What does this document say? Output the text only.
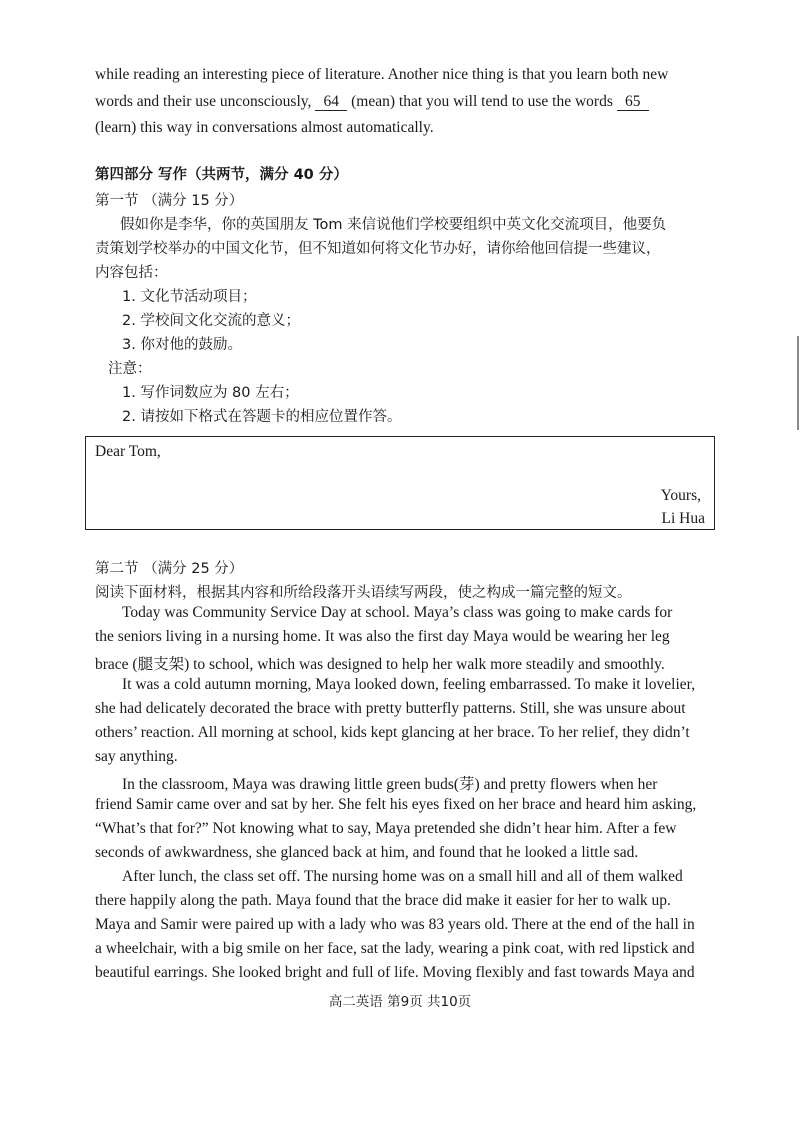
while reading an interesting piece of literature. Another nice thing is that you learn both new
words and their use unconsciously, 64 (mean) that you will tend to use the words 65
(learn) this way in conversations almost automatically.
第四部分 写作（共两节，满分 40 分）
第一节 （满分 15 分）
假如你是李华，你的英国朋友 Tom 来信说他们学校要组织中英文化交流项目，他要负
责策划学校举办的中国文化节，但不知道如何将文化节办好，请你给他回信提一些建议，
内容包括：
1. 文化节活动项目；
2. 学校间文化交流的意义；
3. 你对他的鼓励。
注意：
1. 写作词数应为 80 左右；
2. 请按如下格式在答题卡的相应位置作答。
Dear Tom,
Yours,
Li Hua
第二节 （满分 25 分）
阅读下面材料，根据其内容和所给段落开头语续写两段，使之构成一篇完整的短文。
Today was Community Service Day at school. Maya’s class was going to make cards for
the seniors living in a nursing home. It was also the first day Maya would be wearing her leg
brace (腿支架) to school, which was designed to help her walk more steadily and smoothly.
It was a cold autumn morning, Maya looked down, feeling embarrassed. To make it lovelier,
she had delicately decorated the brace with pretty butterfly patterns. Still, she was unsure about
others’ reaction. All morning at school, kids kept glancing at her brace. To her relief, they didn’t
say anything.
In the classroom, Maya was drawing little green buds(芽) and pretty flowers when her
friend Samir came over and sat by her. She felt his eyes fixed on her brace and heard him asking,
“What’s that for?” Not knowing what to say, Maya pretended she didn’t hear him. After a few
seconds of awkwardness, she glanced back at him, and found that he looked a little sad.
After lunch, the class set off. The nursing home was on a small hill and all of them walked
there happily along the path. Maya found that the brace did make it easier for her to walk up.
Maya and Samir were paired up with a lady who was 83 years old. There at the end of the hall in
a wheelchair, with a big smile on her face, sat the lady, wearing a pink coat, with red lipstick and
beautiful earrings. She looked bright and full of life. Moving flexibly and fast towards Maya and
高二英语 第9页 共10页
